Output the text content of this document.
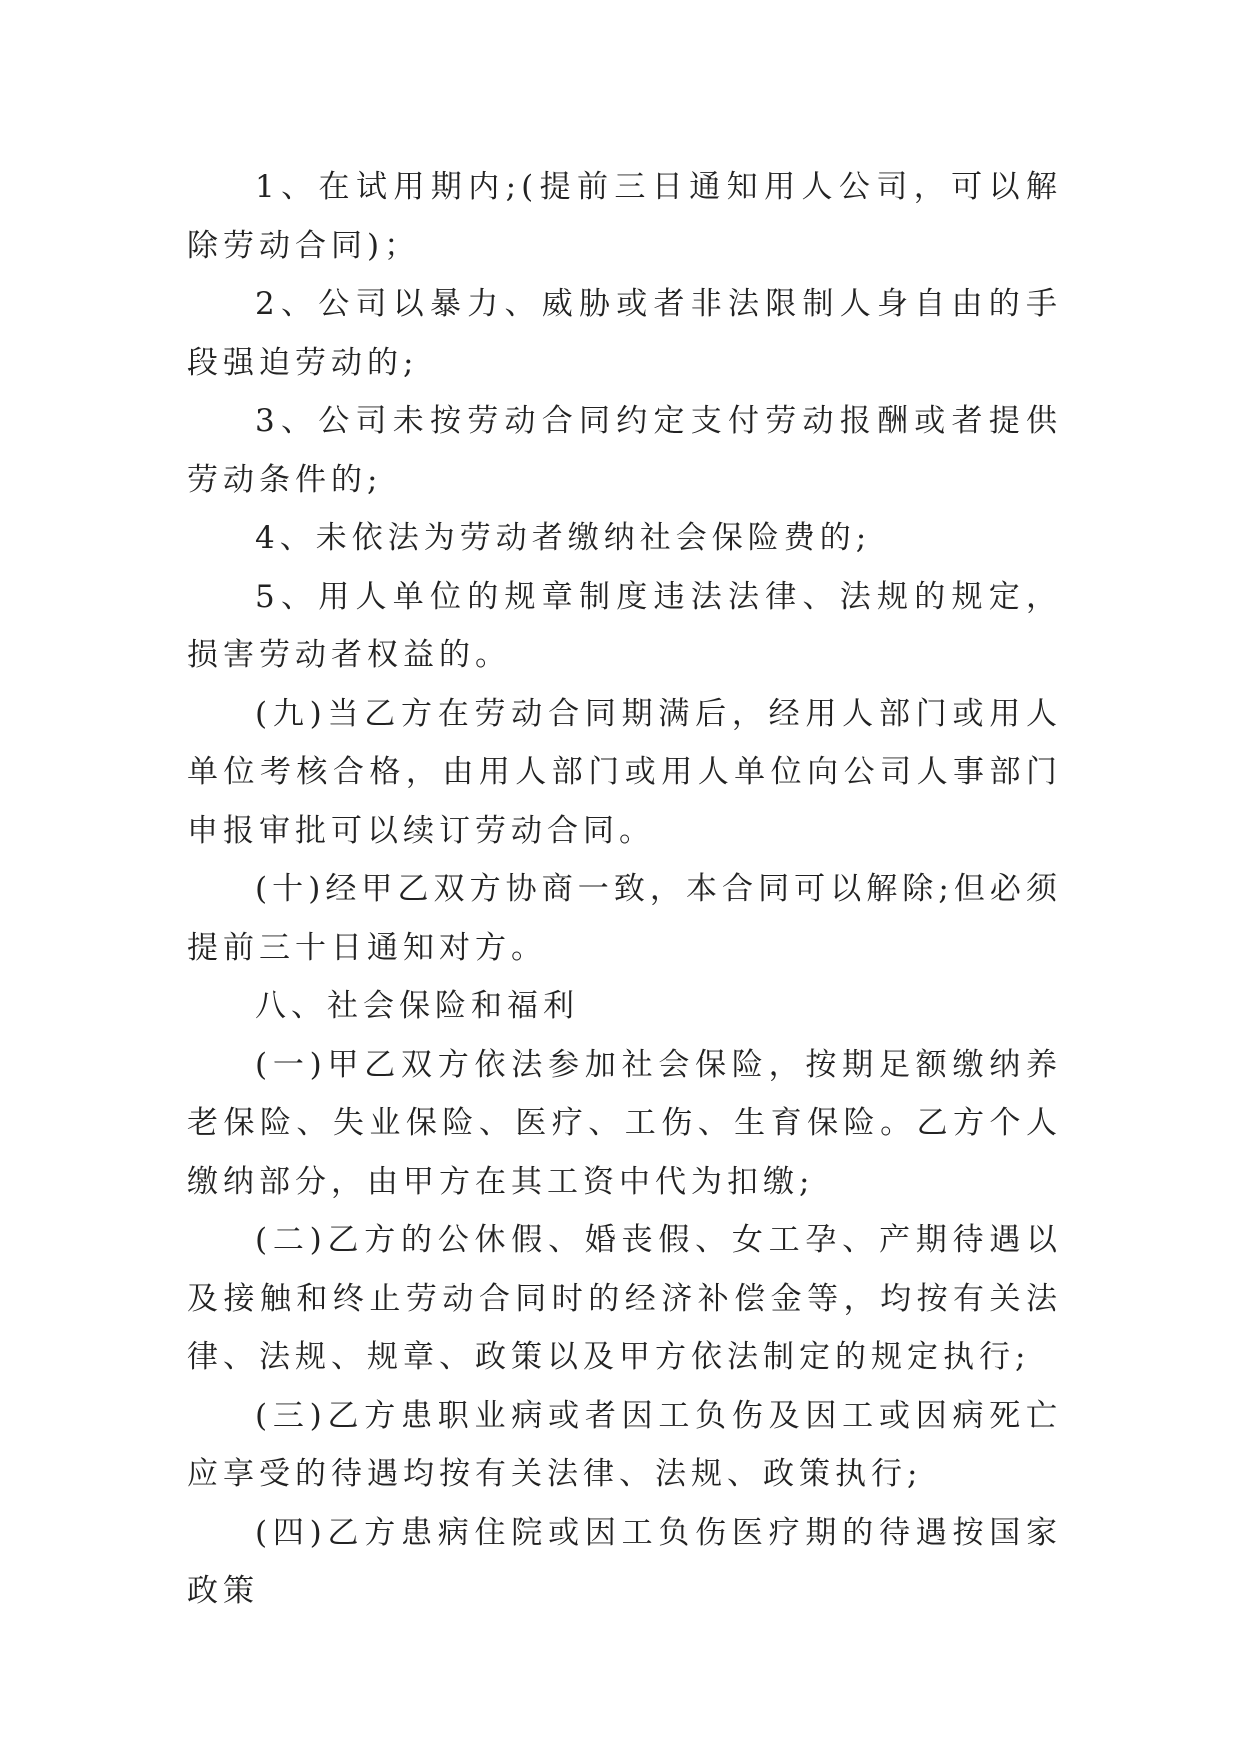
1、在试用期内;(提前三日通知用人公司，可以解除劳动合同)；

2、公司以暴力、威胁或者非法限制人身自由的手段强迫劳动的;

3、公司未按劳动合同约定支付劳动报酬或者提供劳动条件的;

4、未依法为劳动者缴纳社会保险费的;

5、用人单位的规章制度违法法律、法规的规定，损害劳动者权益的。

(九)当乙方在劳动合同期满后，经用人部门或用人单位考核合格，由用人部门或用人单位向公司人事部门申报审批可以续订劳动合同。

(十)经甲乙双方协商一致，本合同可以解除;但必须提前三十日通知对方。

八、社会保险和福利

(一)甲乙双方依法参加社会保险，按期足额缴纳养老保险、失业保险、医疗、工伤、生育保险。乙方个人缴纳部分，由甲方在其工资中代为扣缴;

(二)乙方的公休假、婚丧假、女工孕、产期待遇以及接触和终止劳动合同时的经济补偿金等，均按有关法律、法规、规章、政策以及甲方依法制定的规定执行;

(三)乙方患职业病或者因工负伤及因工或因病死亡应享受的待遇均按有关法律、法规、政策执行;

(四)乙方患病住院或因工负伤医疗期的待遇按国家政策
